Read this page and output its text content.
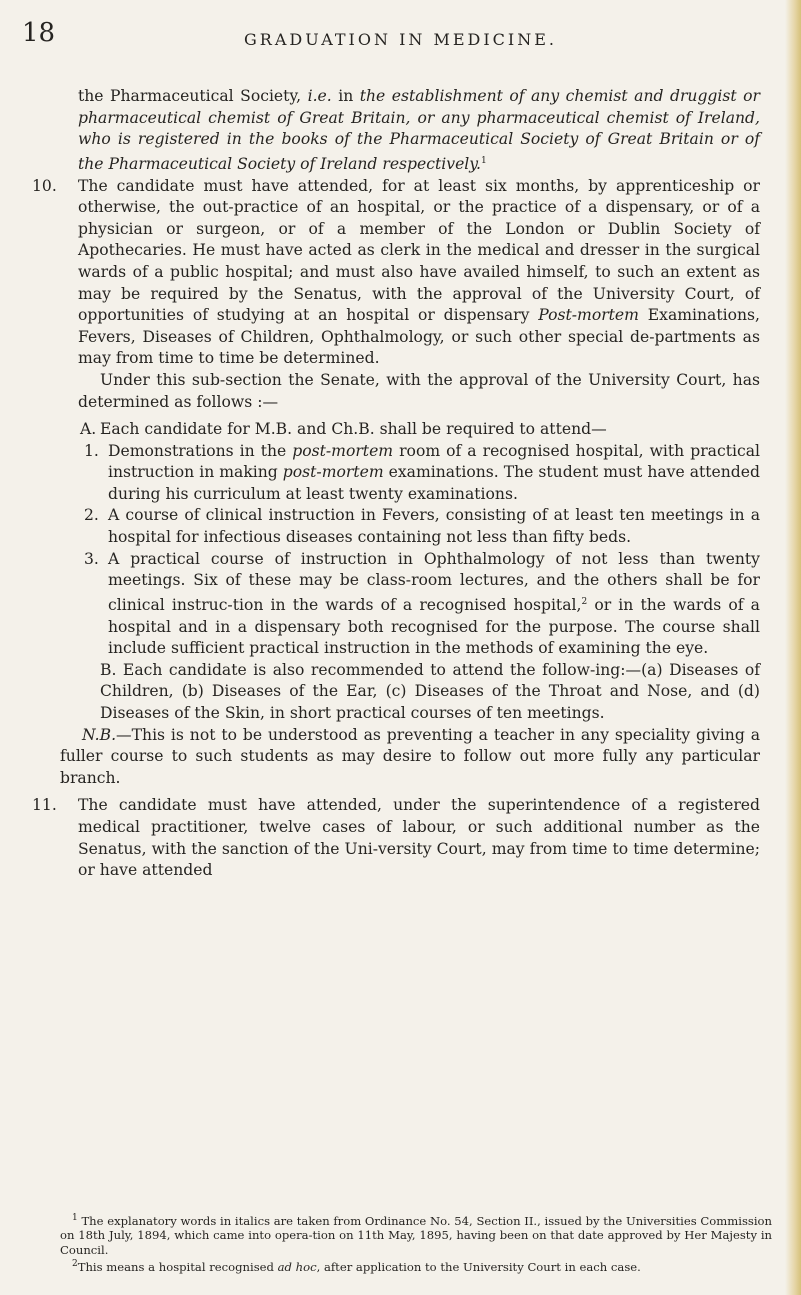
18	GRADUATION IN MEDICINE.

the Pharmaceutical Society, i.e. in the establishment of any chemist and druggist or pharmaceutical chemist of Great Britain, or any pharmaceutical chemist of Ireland, who is registered in the books of the Pharmaceutical Society of Great Britain or of the Pharmaceutical Society of Ireland respectively.$^1$

10. The candidate must have attended, for at least six months, by apprenticeship or otherwise, the out-practice of an hospital, or the practice of a dispensary, or of a physician or surgeon, or of a member of the London or Dublin Society of Apothecaries. He must have acted as clerk in the medical and dresser in the surgical wards of a public hospital; and must also have availed himself, to such an extent as may be required by the Senatus, with the approval of the University Court, of opportunities of studying at an hospital or dispensary Post-mortem Examinations, Fevers, Diseases of Children, Ophthalmology, or such other special de-partments as may from time to time be determined.

Under this sub-section the Senate, with the approval of the University Court, has determined as follows :—

A. Each candidate for M.B. and Ch.B. shall be required to attend—

1. Demonstrations in the post-mortem room of a recognised hospital, with practical instruction in making post-mortem examinations. The student must have attended during his curriculum at least twenty examinations.

2. A course of clinical instruction in Fevers, consisting of at least ten meetings in a hospital for infectious diseases containing not less than fifty beds.

3. A practical course of instruction in Ophthalmology of not less than twenty meetings. Six of these may be class-room lectures, and the others shall be for clinical instruc-tion in the wards of a recognised hospital,$^2$ or in the wards of a hospital and in a dispensary both recognised for the purpose. The course shall include sufficient practical instruction in the methods of examining the eye.

B. Each candidate is also recommended to attend the follow-ing:—(a) Diseases of Children, (b) Diseases of the Ear, (c) Diseases of the Throat and Nose, and (d) Diseases of the Skin, in short practical courses of ten meetings.

N.B.—This is not to be understood as preventing a teacher in any speciality giving a fuller course to such students as may desire to follow out more fully any particular branch.

11. The candidate must have attended, under the superintendence of a registered medical practitioner, twelve cases of labour, or such additional number as the Senatus, with the sanction of the Uni-versity Court, may from time to time determine; or have attended

$^1$ The explanatory words in italics are taken from Ordinance No. 54, Section II., issued by the Universities Commission on 18th July, 1894, which came into opera-tion on 11th May, 1895, having been on that date approved by Her Majesty in Council.

$^2$This means a hospital recognised ad hoc, after application to the University Court in each case.
